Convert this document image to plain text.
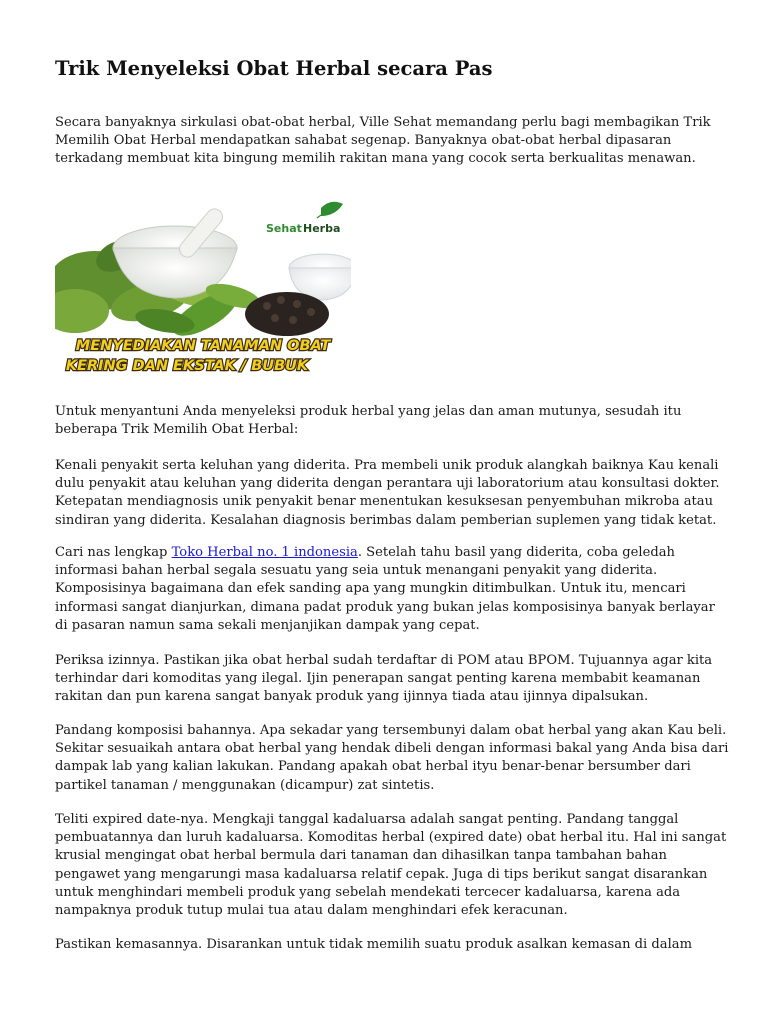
Trik Menyeleksi Obat Herbal secara Pas
Secara banyaknya sirkulasi obat-obat herbal, Ville Sehat memandang perlu bagi membagikan Trik
Memilih Obat Herbal mendapatkan sahabat segenap. Banyaknya obat-obat herbal dipasaran
terkadang membuat kita bingung memilih rakitan mana yang cocok serta berkualitas menawan.
Sehat Herba
MENYEDIAKAN TANAMAN OBAT
KERING DAN EKSTAK / BUBUK
Untuk menyantuni Anda menyeleksi produk herbal yang jelas dan aman mutunya, sesudah itu
beberapa Trik Memilih Obat Herbal:
Kenali penyakit serta keluhan yang diderita. Pra membeli unik produk alangkah baiknya Kau kenali
dulu penyakit atau keluhan yang diderita dengan perantara uji laboratorium atau konsultasi dokter.
Ketepatan mendiagnosis unik penyakit benar menentukan kesuksesan penyembuhan mikroba atau
sindiran yang diderita. Kesalahan diagnosis berimbas dalam pemberian suplemen yang tidak ketat.
Cari nas lengkap Toko Herbal no. 1 indonesia. Setelah tahu basil yang diderita, coba geledah
informasi bahan herbal segala sesuatu yang seia untuk menangani penyakit yang diderita.
Komposisinya bagaimana dan efek sanding apa yang mungkin ditimbulkan. Untuk itu, mencari
informasi sangat dianjurkan, dimana padat produk yang bukan jelas komposisinya banyak berlayar
di pasaran namun sama sekali menjanjikan dampak yang cepat.
Periksa izinnya. Pastikan jika obat herbal sudah terdaftar di POM atau BPOM. Tujuannya agar kita
terhindar dari komoditas yang ilegal. Ijin penerapan sangat penting karena membabit keamanan
rakitan dan pun karena sangat banyak produk yang ijinnya tiada atau ijinnya dipalsukan.
Pandang komposisi bahannya. Apa sekadar yang tersembunyi dalam obat herbal yang akan Kau beli.
Sekitar sesuaikah antara obat herbal yang hendak dibeli dengan informasi bakal yang Anda bisa dari
dampak lab yang kalian lakukan. Pandang apakah obat herbal ityu benar-benar bersumber dari
partikel tanaman / menggunakan (dicampur) zat sintetis.
Teliti expired date-nya. Mengkaji tanggal kadaluarsa adalah sangat penting. Pandang tanggal
pembuatannya dan luruh kadaluarsa. Komoditas herbal (expired date) obat herbal itu. Hal ini sangat
krusial mengingat obat herbal bermula dari tanaman dan dihasilkan tanpa tambahan bahan
pengawet yang mengarungi masa kadaluarsa relatif cepak. Juga di tips berikut sangat disarankan
untuk menghindari membeli produk yang sebelah mendekati tercecer kadaluarsa, karena ada
nampaknya produk tutup mulai tua atau dalam menghindari efek keracunan.
Pastikan kemasannya. Disarankan untuk tidak memilih suatu produk asalkan kemasan di dalam
